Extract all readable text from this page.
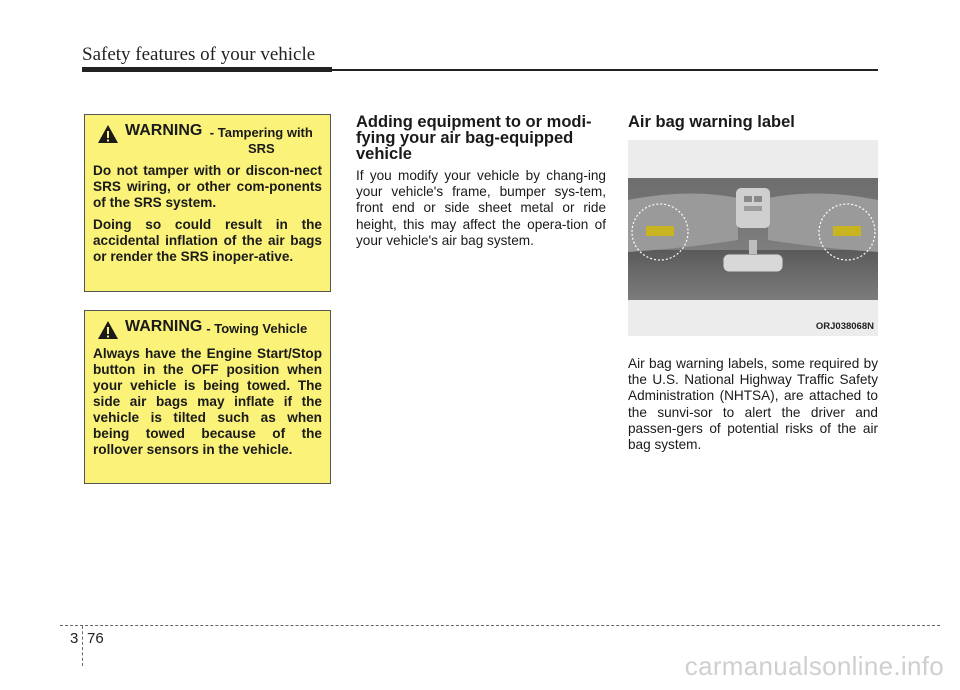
Safety features of your vehicle
WARNING - Tampering with SRS

Do not tamper with or discon-nect SRS wiring, or other com-ponents of the SRS system.

Doing so could result in the accidental inflation of the air bags or render the SRS inoper-ative.

WARNING - Towing Vehicle

Always have the Engine Start/Stop button in the OFF position when your vehicle is being towed. The side air bags may inflate if the vehicle is tilted such as when being towed because of the rollover sensors in the vehicle.

Adding equipment to or modi-fying your air bag-equipped vehicle

If you modify your vehicle by chang-ing your vehicle's frame, bumper sys-tem, front end or side sheet metal or ride height, this may affect the opera-tion of your vehicle's air bag system.

Air bag warning label
ORJ038068N

Air bag warning labels, some required by the U.S. National Highway Traffic Safety Administration (NHTSA), are attached to the sunvi-sor to alert the driver and passen-gers of potential risks of the air bag system.

3 76
carmanualsonline.info
